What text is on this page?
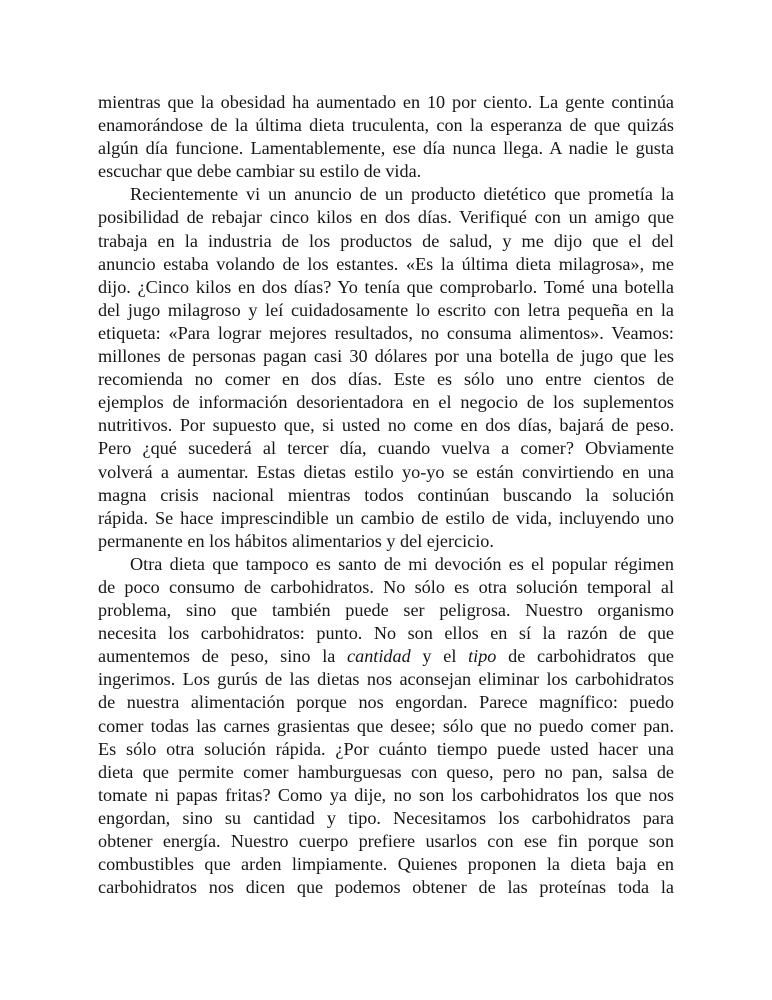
mientras que la obesidad ha aumentado en 10 por ciento. La gente continúa
enamorándose de la última dieta truculenta, con la esperanza de que quizás
algún día funcione. Lamentablemente, ese día nunca llega. A nadie le gusta
escuchar que debe cambiar su estilo de vida.
Recientemente vi un anuncio de un producto dietético que prometía la
posibilidad de rebajar cinco kilos en dos días. Verifiqué con un amigo que
trabaja en la industria de los productos de salud, y me dijo que el del
anuncio estaba volando de los estantes. «Es la última dieta milagrosa», me
dijo. ¿Cinco kilos en dos días? Yo tenía que comprobarlo. Tomé una botella
del jugo milagroso y leí cuidadosamente lo escrito con letra pequeña en la
etiqueta: «Para lograr mejores resultados, no consuma alimentos». Veamos:
millones de personas pagan casi 30 dólares por una botella de jugo que les
recomienda no comer en dos días. Este es sólo uno entre cientos de
ejemplos de información desorientadora en el negocio de los suplementos
nutritivos. Por supuesto que, si usted no come en dos días, bajará de peso.
Pero ¿qué sucederá al tercer día, cuando vuelva a comer? Obviamente
volverá a aumentar. Estas dietas estilo yo-yo se están convirtiendo en una
magna crisis nacional mientras todos continúan buscando la solución
rápida. Se hace imprescindible un cambio de estilo de vida, incluyendo uno
permanente en los hábitos alimentarios y del ejercicio.
Otra dieta que tampoco es santo de mi devoción es el popular régimen
de poco consumo de carbohidratos. No sólo es otra solución temporal al
problema, sino que también puede ser peligrosa. Nuestro organismo
necesita los carbohidratos: punto. No son ellos en sí la razón de que
aumentemos de peso, sino la cantidad y el tipo de carbohidratos que
ingerimos. Los gurús de las dietas nos aconsejan eliminar los carbohidratos
de nuestra alimentación porque nos engordan. Parece magnífico: puedo
comer todas las carnes grasientas que desee; sólo que no puedo comer pan.
Es sólo otra solución rápida. ¿Por cuánto tiempo puede usted hacer una
dieta que permite comer hamburguesas con queso, pero no pan, salsa de
tomate ni papas fritas? Como ya dije, no son los carbohidratos los que nos
engordan, sino su cantidad y tipo. Necesitamos los carbohidratos para
obtener energía. Nuestro cuerpo prefiere usarlos con ese fin porque son
combustibles que arden limpiamente. Quienes proponen la dieta baja en
carbohidratos nos dicen que podemos obtener de las proteínas toda la
